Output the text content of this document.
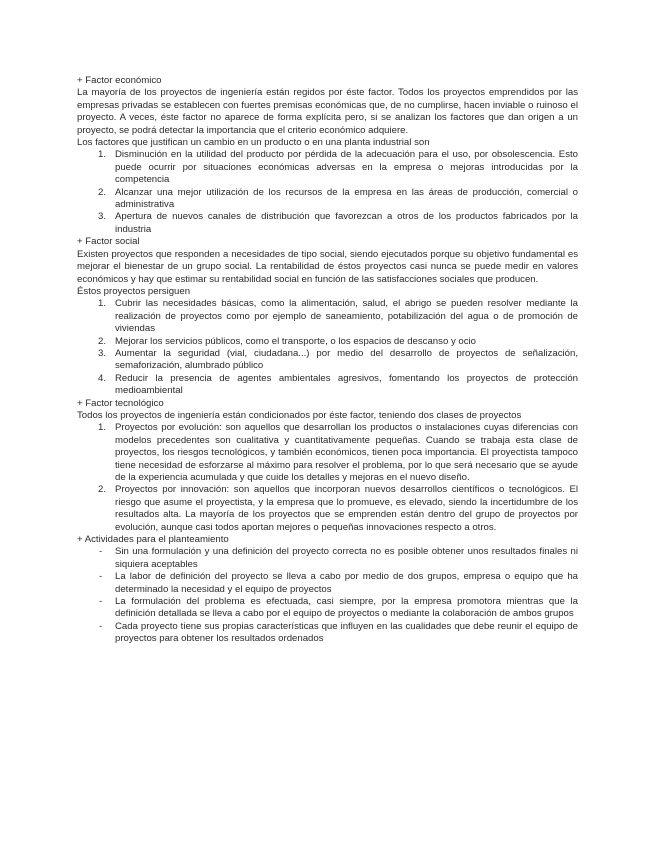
+ Factor económico

La mayoría de los proyectos de ingeniería están regidos por éste factor. Todos los proyectos emprendidos por las empresas privadas se establecen con fuertes premisas económicas que, de no cumplirse, hacen inviable o ruinoso el proyecto. A veces, éste factor no aparece de forma explícita pero, si se analizan los factores que dan origen a un proyecto, se podrá detectar la importancia que el criterio económico adquiere.

Los factores que justifican un cambio en un producto o en una planta industrial son

1. Disminución en la utilidad del producto por pérdida de la adecuación para el uso, por obsolescencia. Esto puede ocurrir por situaciones económicas adversas en la empresa o mejoras introducidas por la competencia
2. Alcanzar una mejor utilización de los recursos de la empresa en las áreas de producción, comercial o administrativa
3. Apertura de nuevos canales de distribución que favorezcan a otros de los productos fabricados por la industria

+ Factor social

Existen proyectos que responden a necesidades de tipo social, siendo ejecutados porque su objetivo fundamental es mejorar el bienestar de un grupo social. La rentabilidad de éstos proyectos casi nunca se puede medir en valores económicos y hay que estimar su rentabilidad social en función de las satisfacciones sociales que producen.

Éstos proyectos persiguen

1. Cubrir las necesidades básicas, como la alimentación, salud, el abrigo se pueden resolver mediante la realización de proyectos como por ejemplo de saneamiento, potabilización del agua o de promoción de viviendas
2. Mejorar los servicios públicos, como el transporte, o los espacios de descanso y ocio
3. Aumentar la seguridad (vial, ciudadana...) por medio del desarrollo de proyectos de señalización, semaforización, alumbrado público
4. Reducir la presencia de agentes ambientales agresivos, fomentando los proyectos de protección medioambiental

+ Factor tecnológico

Todos los proyectos de ingeniería están condicionados por éste factor, teniendo dos clases de proyectos

1. Proyectos por evolución: son aquellos que desarrollan los productos o instalaciones cuyas diferencias con modelos precedentes son cualitativa y cuantitativamente pequeñas. Cuando se trabaja esta clase de proyectos, los riesgos tecnológicos, y también económicos, tienen poca importancia. El proyectista tampoco tiene necesidad de esforzarse al máximo para resolver el problema, por lo que será necesario que se ayude de la experiencia acumulada y que cuide los detalles y mejoras en el nuevo diseño.
2. Proyectos por innovación: son aquellos que incorporan nuevos desarrollos científicos o tecnológicos. El riesgo que asume el proyectista, y la empresa que lo promueve, es elevado, siendo la incertidumbre de los resultados alta. La mayoría de los proyectos que se emprenden están dentro del grupo de proyectos por evolución, aunque casi todos aportan mejores o pequeñas innovaciones respecto a otros.

+ Actividades para el planteamiento

- Sin una formulación y una definición del proyecto correcta no es posible obtener unos resultados finales ni siquiera aceptables
- La labor de definición del proyecto se lleva a cabo por medio de dos grupos, empresa o equipo que ha determinado la necesidad y el equipo de proyectos
- La formulación del problema es efectuada, casi siempre, por la empresa promotora mientras que la definición detallada se lleva a cabo por el equipo de proyectos o mediante la colaboración de ambos grupos
- Cada proyecto tiene sus propias características que influyen en las cualidades que debe reunir el equipo de proyectos para obtener los resultados ordenados
